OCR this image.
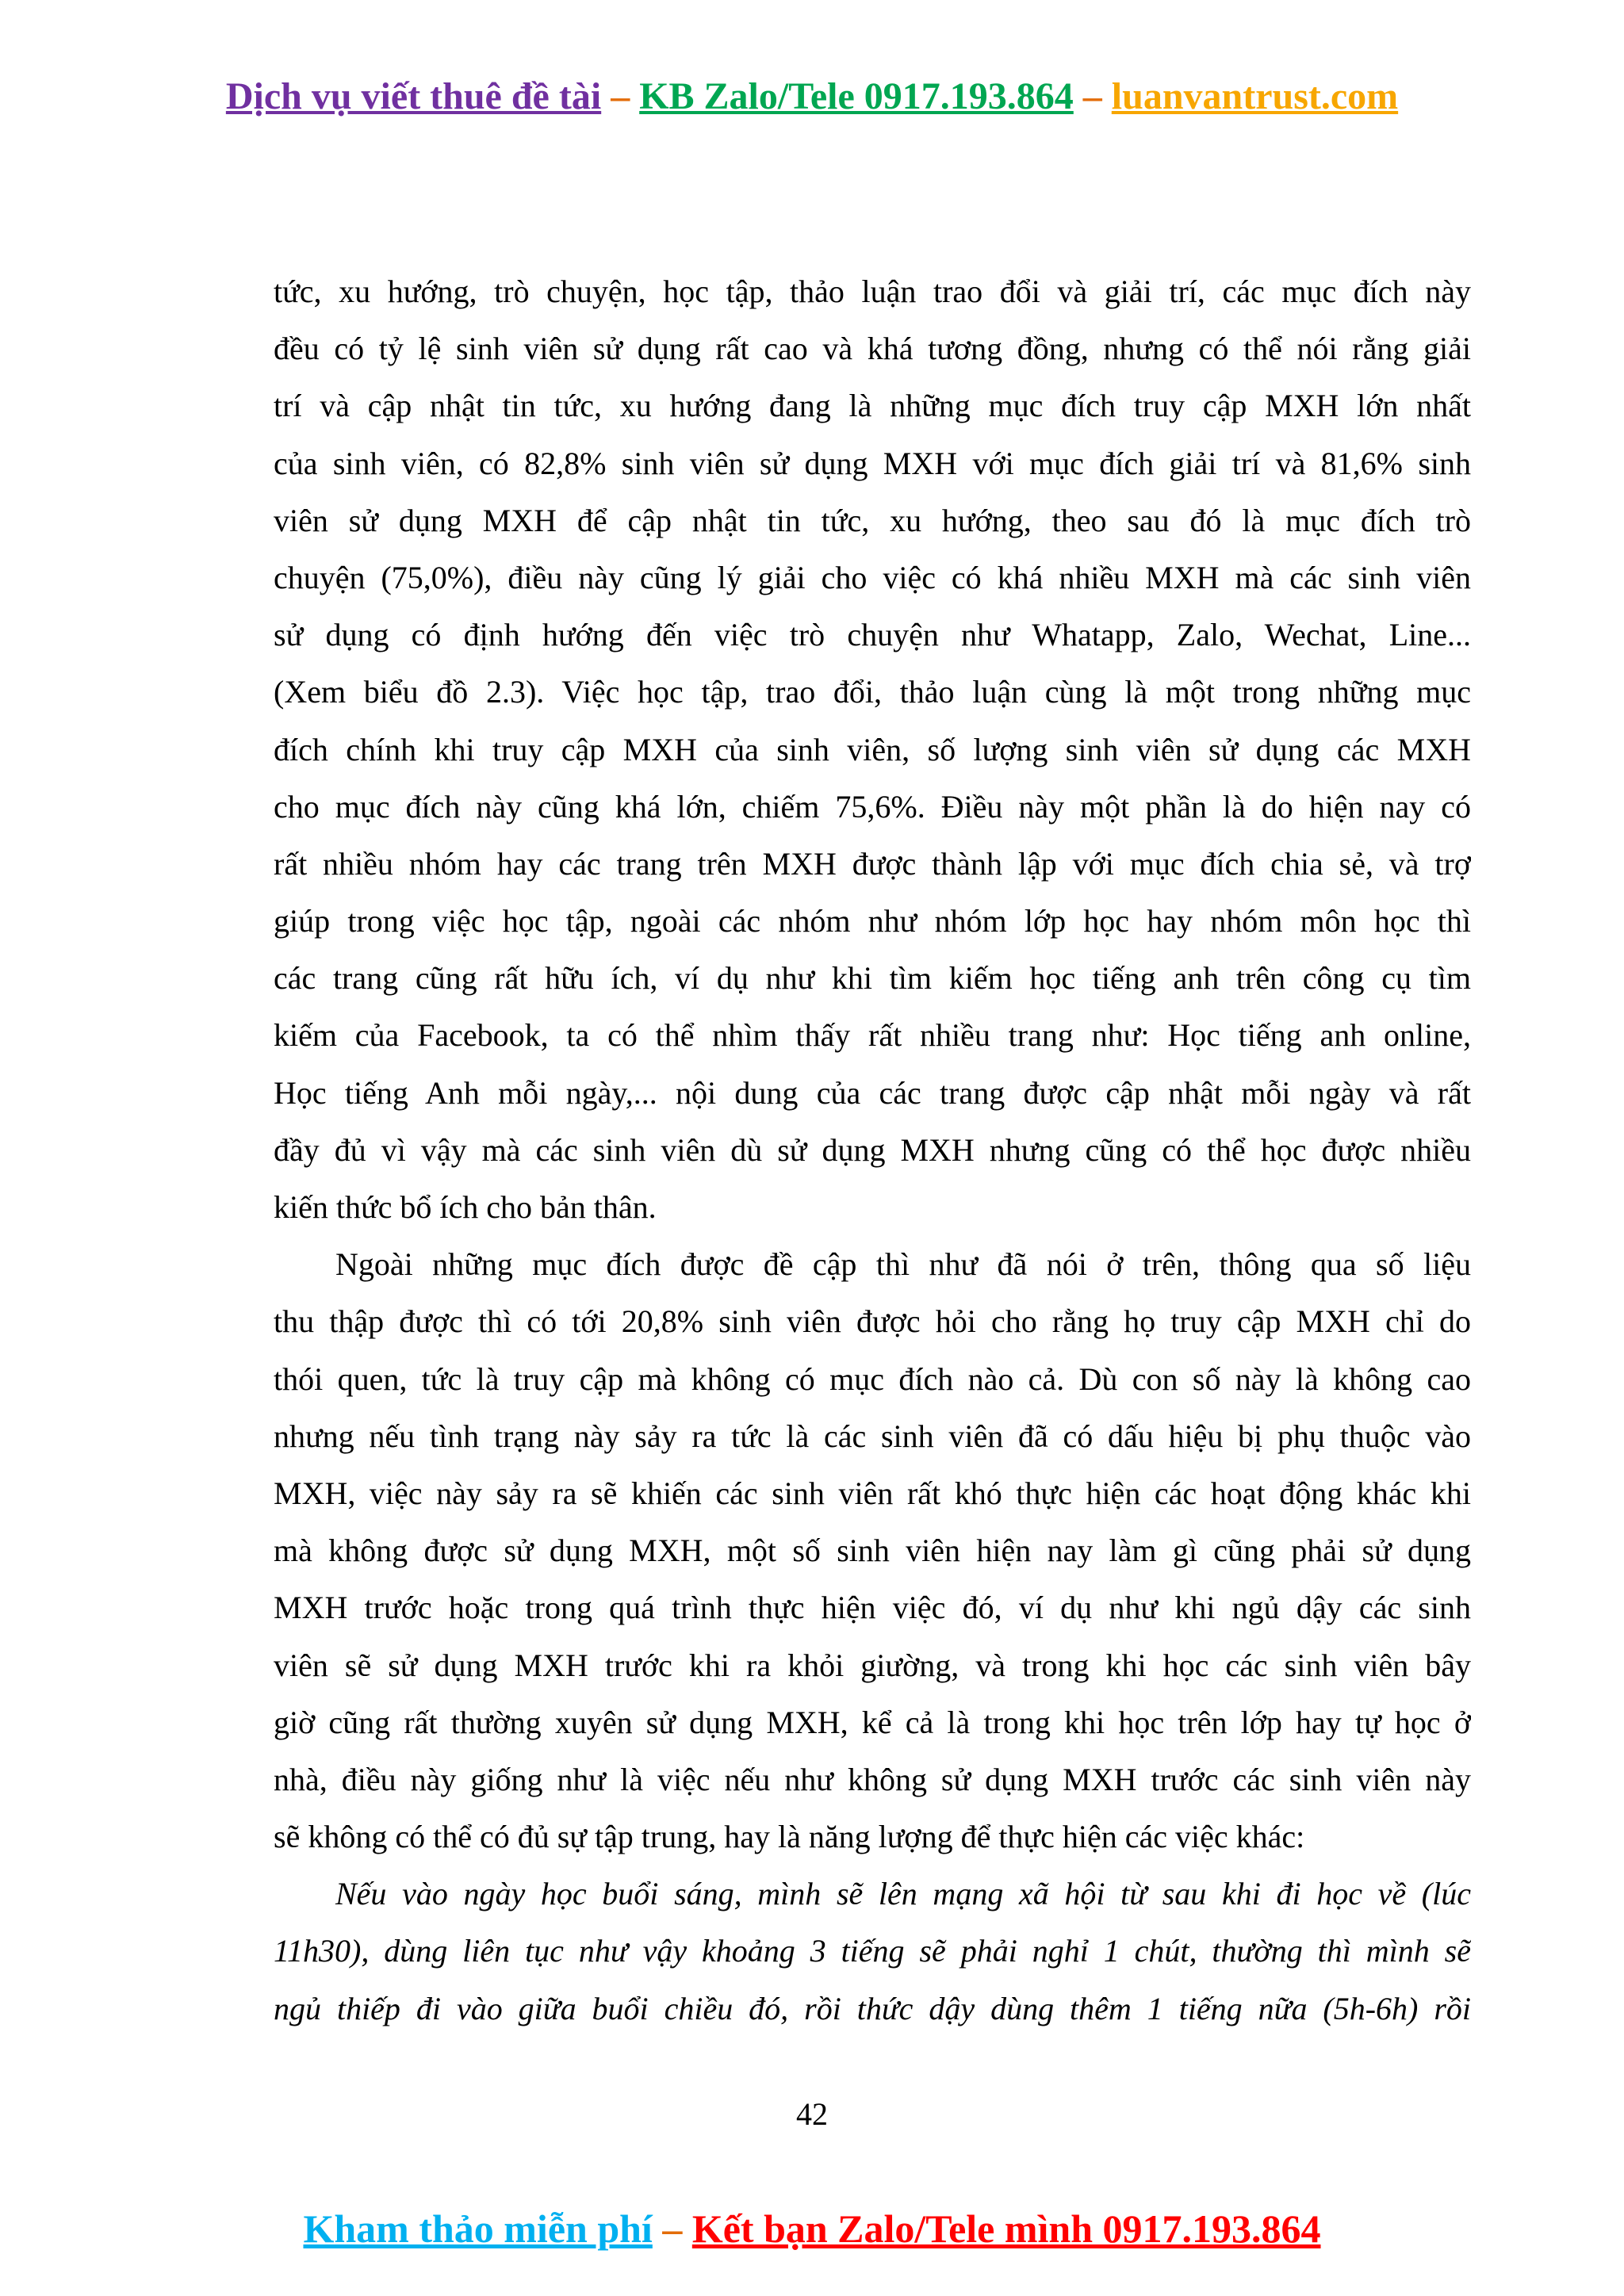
Dịch vụ viết thuê đề tài – KB Zalo/Tele 0917.193.864 – luanvantrust.com
tức, xu hướng, trò chuyện, học tập, thảo luận trao đổi và giải trí, các mục đích này
đều có tỷ lệ sinh viên sử dụng rất cao và khá tương đồng, nhưng có thể nói rằng giải
trí và cập nhật tin tức, xu hướng đang là những mục đích truy cập MXH lớn nhất
của sinh viên, có 82,8% sinh viên sử dụng MXH với mục đích giải trí và 81,6% sinh
viên sử dụng MXH để cập nhật tin tức, xu hướng, theo sau đó là mục đích trò
chuyện (75,0%), điều này cũng lý giải cho việc có khá nhiều MXH mà các sinh viên
sử dụng có định hướng đến việc trò chuyện như Whatapp, Zalo, Wechat, Line...
(Xem biểu đồ 2.3). Việc học tập, trao đổi, thảo luận cùng là một trong những mục
đích chính khi truy cập MXH của sinh viên, số lượng sinh viên sử dụng các MXH
cho mục đích này cũng khá lớn, chiếm 75,6%. Điều này một phần là do hiện nay có
rất nhiều nhóm hay các trang trên MXH được thành lập với mục đích chia sẻ, và trợ
giúp trong việc học tập, ngoài các nhóm như nhóm lớp học hay nhóm môn học thì
các trang cũng rất hữu ích, ví dụ như khi tìm kiếm học tiếng anh trên công cụ tìm
kiếm của Facebook, ta có thể nhìm thấy rất nhiều trang như: Học tiếng anh online,
Học tiếng Anh mỗi ngày,... nội dung của các trang được cập nhật mỗi ngày và rất
đầy đủ vì vậy mà các sinh viên dù sử dụng MXH nhưng cũng có thể học được nhiều
kiến thức bổ ích cho bản thân.
Ngoài những mục đích được đề cập thì như đã nói ở trên, thông qua số liệu
thu thập được thì có tới 20,8% sinh viên được hỏi cho rằng họ truy cập MXH chỉ do
thói quen, tức là truy cập mà không có mục đích nào cả. Dù con số này là không cao
nhưng nếu tình trạng này sảy ra tức là các sinh viên đã có dấu hiệu bị phụ thuộc vào
MXH, việc này sảy ra sẽ khiến các sinh viên rất khó thực hiện các hoạt động khác khi
mà không được sử dụng MXH, một số sinh viên hiện nay làm gì cũng phải sử dụng
MXH trước hoặc trong quá trình thực hiện việc đó, ví dụ như khi ngủ dậy các sinh
viên sẽ sử dụng MXH trước khi ra khỏi giường, và trong khi học các sinh viên bây
giờ cũng rất thường xuyên sử dụng MXH, kể cả là trong khi học trên lớp hay tự học ở
nhà, điều này giống như là việc nếu như không sử dụng MXH trước các sinh viên này
sẽ không có thể có đủ sự tập trung, hay là năng lượng để thực hiện các việc khác:
Nếu vào ngày học buổi sáng, mình sẽ lên mạng xã hội từ sau khi đi học về (lúc
11h30), dùng liên tục như vậy khoảng 3 tiếng sẽ phải nghỉ 1 chút, thường thì mình sẽ
ngủ thiếp đi vào giữa buổi chiều đó, rồi thức dậy dùng thêm 1 tiếng nữa (5h-6h) rồi
42
Kham thảo miễn phí – Kết bạn Zalo/Tele mình 0917.193.864
